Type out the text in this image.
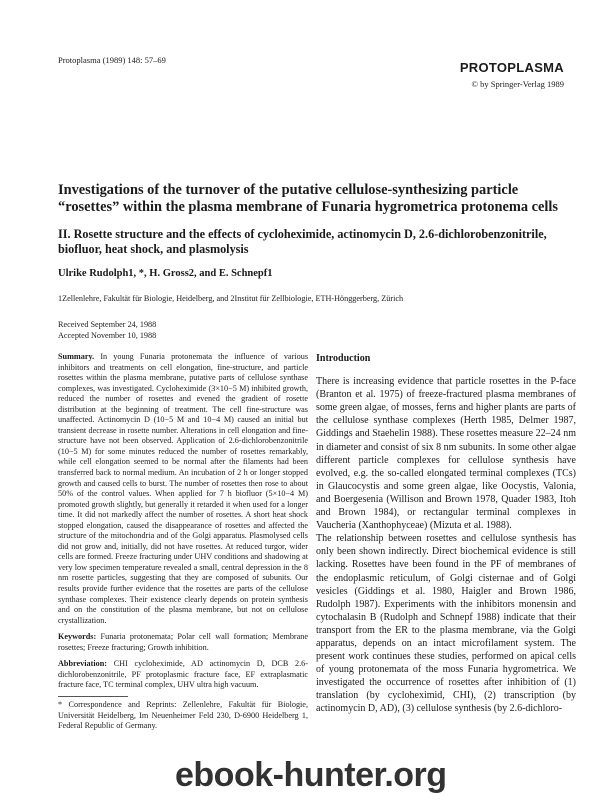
Protoplasma (1989) 148: 57–69	PROTOPLASMA
© by Springer-Verlag 1989
Investigations of the turnover of the putative cellulose-synthesizing particle “rosettes” within the plasma membrane of Funaria hygrometrica protonema cells
II. Rosette structure and the effects of cycloheximide, actinomycin D, 2.6-dichlorobenzonitrile, biofluor, heat shock, and plasmolysis
Ulrike Rudolph1, *, H. Gross2, and E. Schnepf1
1Zellenlehre, Fakultät für Biologie, Heidelberg, and 2Institut für Zellbiologie, ETH-Hönggerberg, Zürich
Received September 24, 1988
Accepted November 10, 1988

Summary. In young Funaria protonemata the influence of various inhibitors and treatments on cell elongation, fine-structure, and particle rosettes within the plasma membrane, putative parts of cellulose synthase complexes, was investigated. Cycloheximide (3×10−5 M) inhibited growth, reduced the number of rosettes and evened the gradient of rosette distribution at the beginning of treatment. The cell fine-structure was unaffected. Actinomycin D (10−5 M and 10−4 M) caused an initial but transient decrease in rosette number. Alterations in cell elongation and fine-structure have not been observed. Application of 2.6-dichlorobenzonitrile (10−5 M) for some minutes reduced the number of rosettes remarkably, while cell elongation seemed to be normal after the filaments had been transferred back to normal medium. An incubation of 2 h or longer stopped growth and caused cells to burst. The number of rosettes then rose to about 50% of the control values. When applied for 7 h biofluor (5×10−4 M) promoted growth slightly, but generally it retarded it when used for a longer time. It did not markedly affect the number of rosettes. A short heat shock stopped elongation, caused the disappearance of rosettes and affected the structure of the mitochondria and of the Golgi apparatus. Plasmolysed cells did not grow and, initially, did not have rosettes. At reduced turgor, wider cells are formed. Freeze fracturing under UHV conditions and shadowing at very low specimen temperature revealed a small, central depression in the 8 nm rosette particles, suggesting that they are composed of subunits. Our results provide further evidence that the rosettes are parts of the cellulose synthase complexes. Their existence clearly depends on protein synthesis and on the constitution of the plasma membrane, but not on cellulose crystallization.

Keywords: Funaria protonemata; Polar cell wall formation; Membrane rosettes; Freeze fracturing; Growth inhibition.

Abbreviation: CHI cycloheximide, AD actinomycin D, DCB 2.6-dichlorobenzonitrile, PF protoplasmic fracture face, EF extraplasmatic fracture face, TC terminal complex, UHV ultra high vacuum.

* Correspondence and Reprints: Zellenlehre, Fakultät für Biologie, Universität Heidelberg, Im Neuenheimer Feld 230, D-6900 Heidelberg 1, Federal Republic of Germany.

Introduction

There is increasing evidence that particle rosettes in the P-face (Branton et al. 1975) of freeze-fractured plasma membranes of some green algae, of mosses, ferns and higher plants are parts of the cellulose synthase complexes (Herth 1985, Delmer 1987, Giddings and Staehelin 1988). These rosettes measure 22–24 nm in diameter and consist of six 8 nm subunits. In some other algae different particle complexes for cellulose synthesis have evolved, e.g. the so-called elongated terminal complexes (TCs) in Glaucocystis and some green algae, like Oocystis, Valonia, and Boergesenia (Willison and Brown 1978, Quader 1983, Itoh and Brown 1984), or rectangular terminal complexes in Vaucheria (Xanthophyceae) (Mizuta et al. 1988).

The relationship between rosettes and cellulose synthesis has only been shown indirectly. Direct biochemical evidence is still lacking. Rosettes have been found in the PF of membranes of the endoplasmic reticulum, of Golgi cisternae and of Golgi vesicles (Giddings et al. 1980, Haigler and Brown 1986, Rudolph 1987). Experiments with the inhibitors monensin and cytochalasin B (Rudolph and Schnepf 1988) indicate that their transport from the ER to the plasma membrane, via the Golgi apparatus, depends on an intact microfilament system. The present work continues these studies, performed on apical cells of young protonemata of the moss Funaria hygrometrica. We investigated the occurrence of rosettes after inhibition of (1) translation (by cycloheximid, CHI), (2) transcription (by actinomycin D, AD), (3) cellulose synthesis (by 2.6-dichloro-

ebook-hunter.org
